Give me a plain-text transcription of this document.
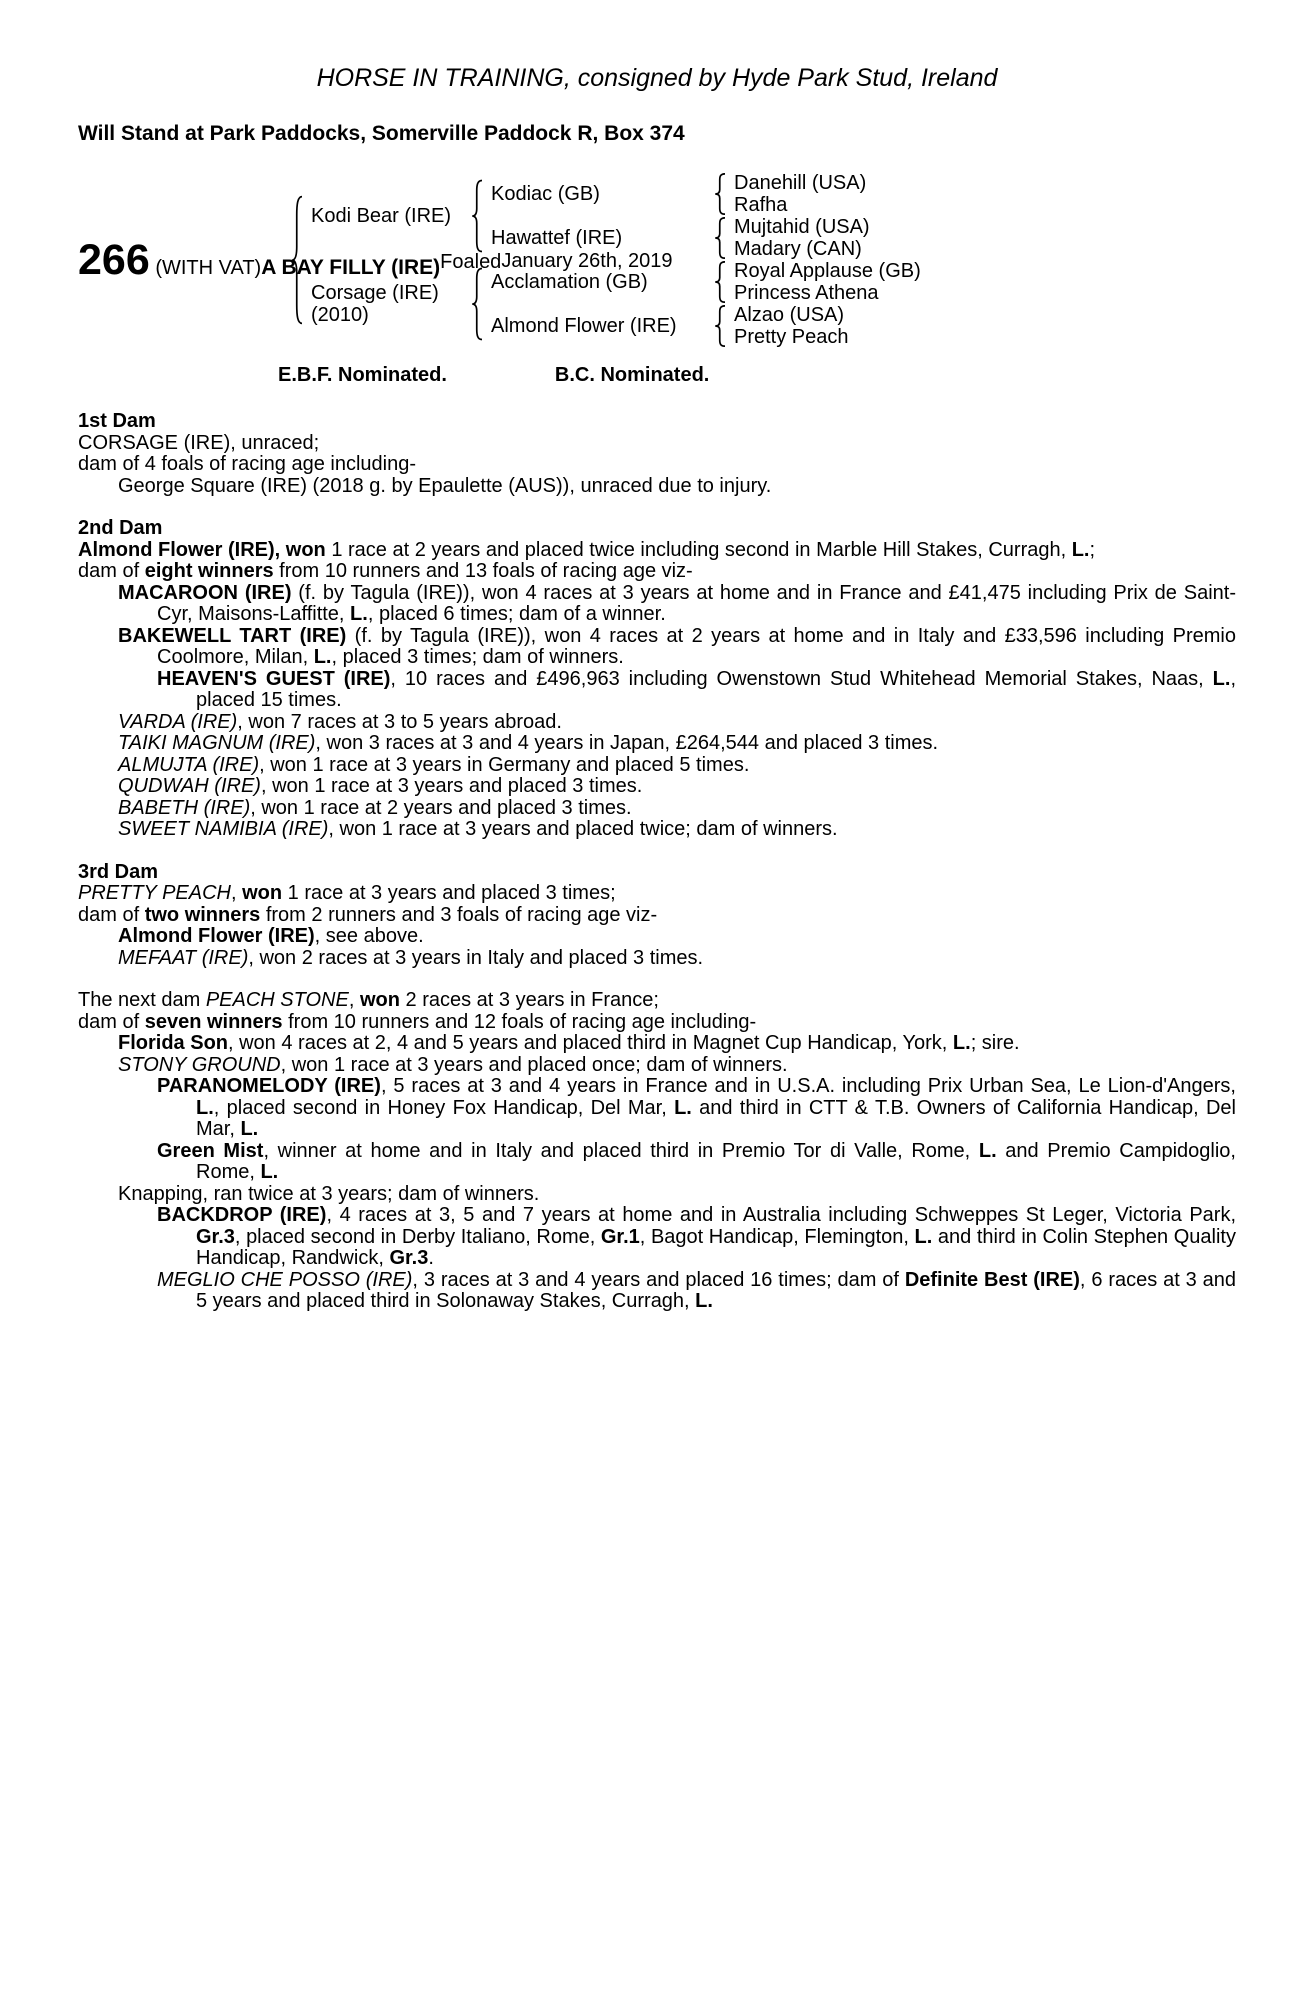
HORSE IN TRAINING, consigned by Hyde Park Stud, Ireland
Will Stand at Park Paddocks, Somerville Paddock R, Box 374
266 (WITH VAT) A BAY FILLY (IRE) Foaled January 26th, 2019
Kodi Bear (IRE)
Corsage (IRE)
(2010)
Kodiac (GB)
Hawattef (IRE)
Acclamation (GB)
Almond Flower (IRE)
Danehill (USA)
Rafha
Mujtahid (USA)
Madary (CAN)
Royal Applause (GB)
Princess Athena
Alzao (USA)
Pretty Peach
E.B.F. Nominated.	B.C. Nominated.
1st Dam
CORSAGE (IRE), unraced;
dam of 4 foals of racing age including-
George Square (IRE) (2018 g. by Epaulette (AUS)), unraced due to injury.
2nd Dam
Almond Flower (IRE), won 1 race at 2 years and placed twice including second in Marble Hill Stakes, Curragh, L.;
dam of eight winners from 10 runners and 13 foals of racing age viz-
MACAROON (IRE) (f. by Tagula (IRE)), won 4 races at 3 years at home and in France and £41,475 including Prix de Saint-Cyr, Maisons-Laffitte, L., placed 6 times; dam of a winner.
BAKEWELL TART (IRE) (f. by Tagula (IRE)), won 4 races at 2 years at home and in Italy and £33,596 including Premio Coolmore, Milan, L., placed 3 times; dam of winners.
HEAVEN'S GUEST (IRE), 10 races and £496,963 including Owenstown Stud Whitehead Memorial Stakes, Naas, L., placed 15 times.
VARDA (IRE), won 7 races at 3 to 5 years abroad.
TAIKI MAGNUM (IRE), won 3 races at 3 and 4 years in Japan, £264,544 and placed 3 times.
ALMUJTA (IRE), won 1 race at 3 years in Germany and placed 5 times.
QUDWAH (IRE), won 1 race at 3 years and placed 3 times.
BABETH (IRE), won 1 race at 2 years and placed 3 times.
SWEET NAMIBIA (IRE), won 1 race at 3 years and placed twice; dam of winners.
3rd Dam
PRETTY PEACH, won 1 race at 3 years and placed 3 times;
dam of two winners from 2 runners and 3 foals of racing age viz-
Almond Flower (IRE), see above.
MEFAAT (IRE), won 2 races at 3 years in Italy and placed 3 times.
The next dam PEACH STONE, won 2 races at 3 years in France;
dam of seven winners from 10 runners and 12 foals of racing age including-
Florida Son, won 4 races at 2, 4 and 5 years and placed third in Magnet Cup Handicap, York, L.; sire.
STONY GROUND, won 1 race at 3 years and placed once; dam of winners.
PARANOMELODY (IRE), 5 races at 3 and 4 years in France and in U.S.A. including Prix Urban Sea, Le Lion-d'Angers, L., placed second in Honey Fox Handicap, Del Mar, L. and third in CTT & T.B. Owners of California Handicap, Del Mar, L.
Green Mist, winner at home and in Italy and placed third in Premio Tor di Valle, Rome, L. and Premio Campidoglio, Rome, L.
Knapping, ran twice at 3 years; dam of winners.
BACKDROP (IRE), 4 races at 3, 5 and 7 years at home and in Australia including Schweppes St Leger, Victoria Park, Gr.3, placed second in Derby Italiano, Rome, Gr.1, Bagot Handicap, Flemington, L. and third in Colin Stephen Quality Handicap, Randwick, Gr.3.
MEGLIO CHE POSSO (IRE), 3 races at 3 and 4 years and placed 16 times; dam of Definite Best (IRE), 6 races at 3 and 5 years and placed third in Solonaway Stakes, Curragh, L.
